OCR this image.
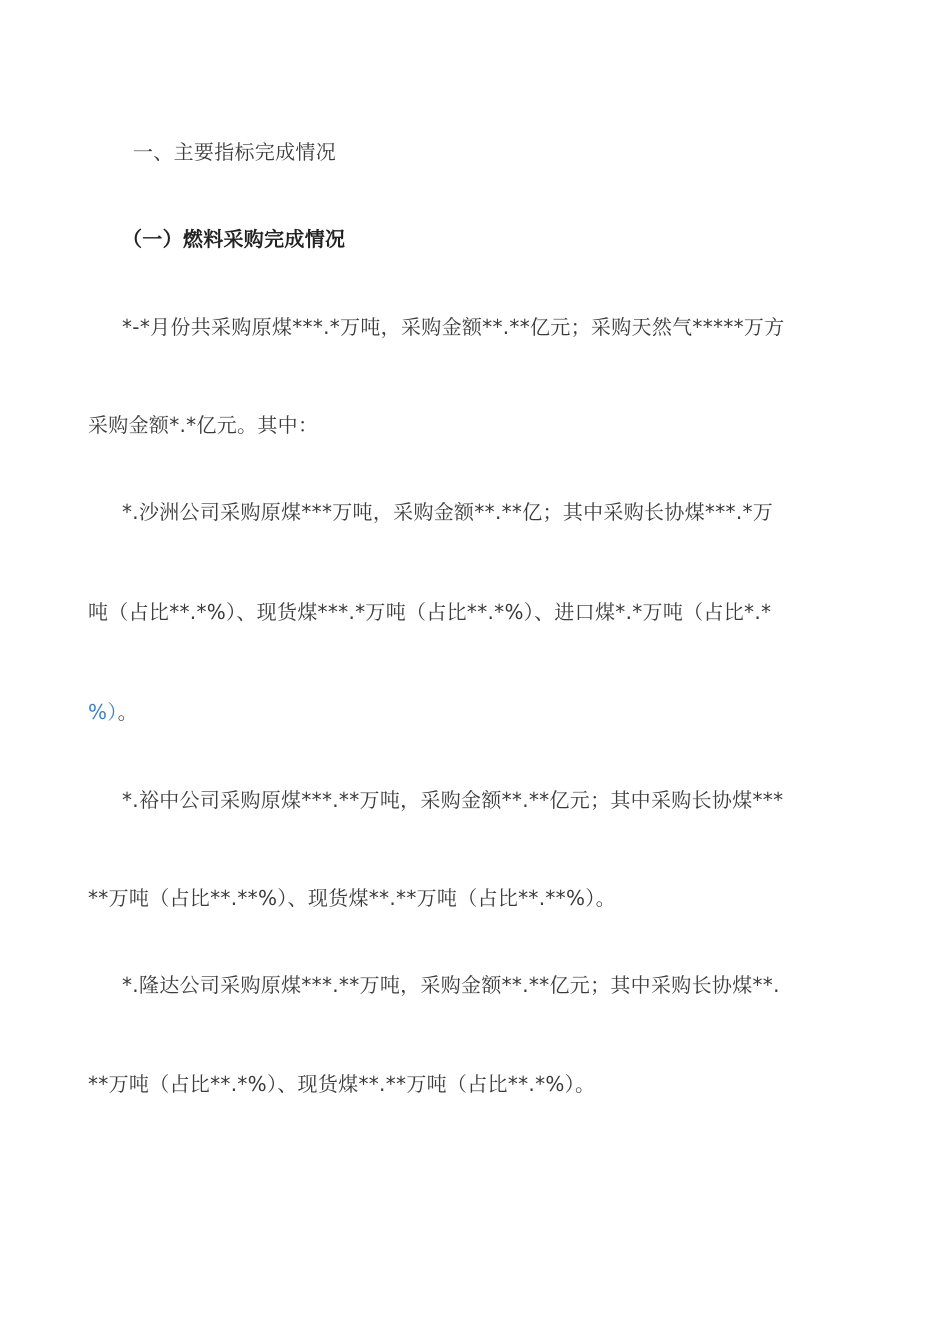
一、主要指标完成情况
（一）燃料采购完成情况
*-*月份共采购原煤***.*万吨，采购金额**.**亿元；采购天然气*****万方
采购金额*.*亿元。其中：
*.沙洲公司采购原煤***万吨，采购金额**.**亿；其中采购长协煤***.*万
吨（占比**.*%）、现货煤***.*万吨（占比**.*%）、进口煤*.*万吨（占比*.*
%）。
*.裕中公司采购原煤***.**万吨，采购金额**.**亿元；其中采购长协煤***
**万吨（占比**.**%）、现货煤**.**万吨（占比**.**%）。
*.隆达公司采购原煤***.**万吨，采购金额**.**亿元；其中采购长协煤**.
**万吨（占比**.*%）、现货煤**.**万吨（占比**.*%）。
